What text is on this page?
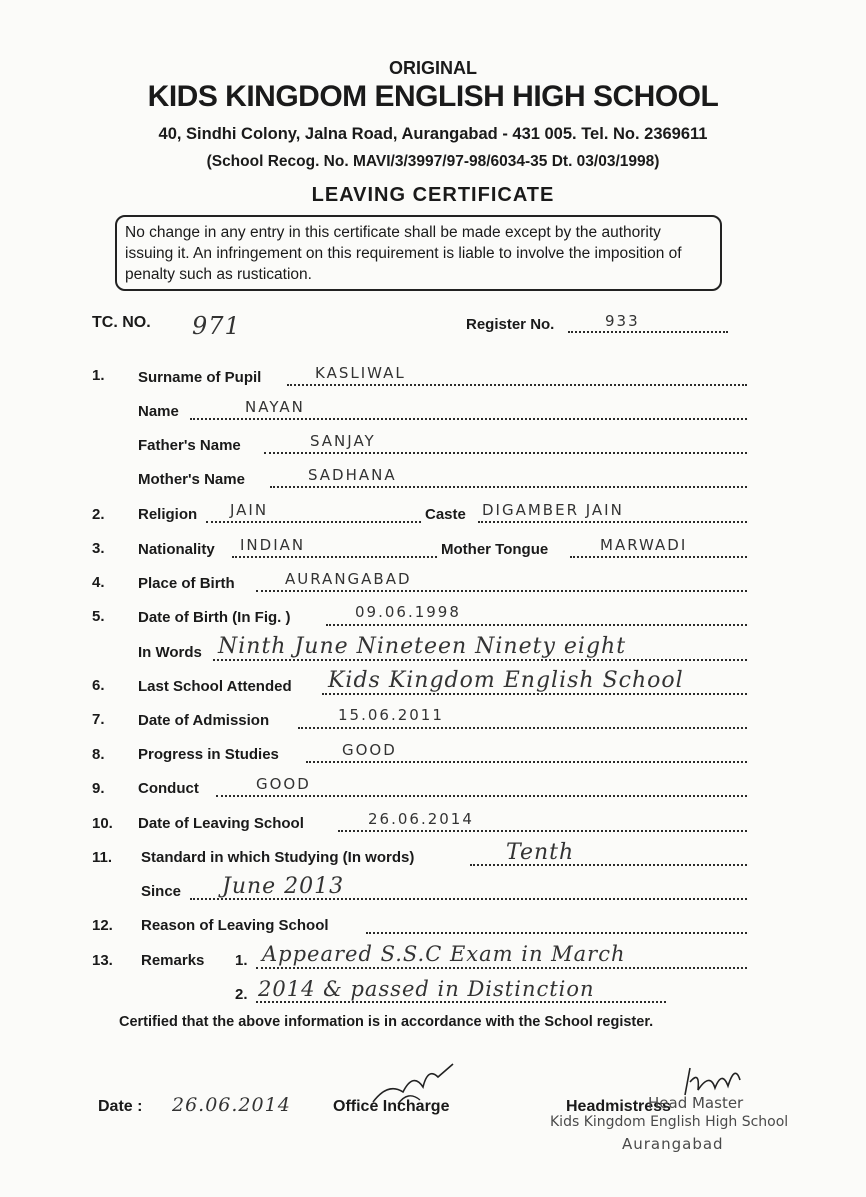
ORIGINAL
KIDS KINGDOM ENGLISH HIGH SCHOOL
40, Sindhi Colony, Jalna Road, Aurangabad - 431 005. Tel. No. 2369611
(School Recog. No. MAVI/3/3997/97-98/6034-35 Dt. 03/03/1998)
LEAVING CERTIFICATE
No change in any entry in this certificate shall be made except by the authority issuing it. An infringement on this requirement is liable to involve the imposition of penalty such as rustication.
TC. NO. 971	Register No.	933
1. Surname of Pupil	KASLIWAL
Name	NAYAN
Father's Name	SANJAY
Mother's Name	SADHANA
2. Religion JAIN	Caste DIGAMBER JAIN
3. Nationality INDIAN	Mother Tongue	MARWADI
4. Place of Birth	AURANGABAD
5. Date of Birth (In Fig. )	09.06.1998
In Words Ninth June Nineteen Ninety eight
6. Last School Attended Kids Kingdom English School
7. Date of Admission	15.06.2011
8. Progress in Studies	GOOD
9. Conduct	GOOD
10. Date of Leaving School	26.06.2014
11. Standard in which Studying (In words)	Tenth
Since June 2013
12. Reason of Leaving School
13. Remarks 1. Appeared S.S.C Exam in March
2. 2014 & passed in Distinction
Certified that the above information is in accordance with the School register.
Date : 26.06.2014	Office Incharge	Headmistress
Head Master
Kids Kingdom English High School
Aurangabad
